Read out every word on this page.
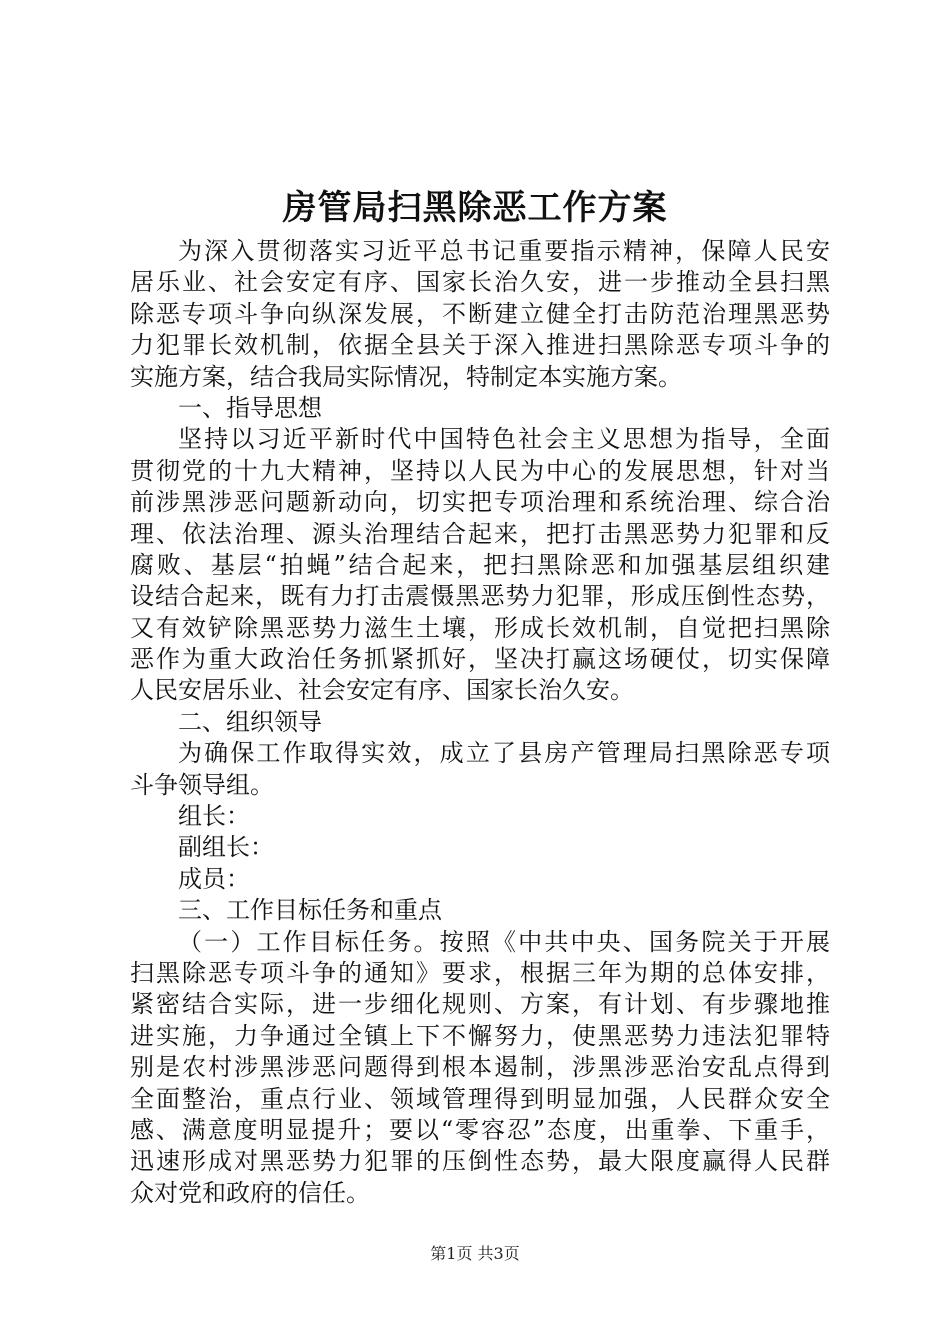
房管局扫黑除恶工作方案
为深入贯彻落实习近平总书记重要指示精神，保障人民安
居乐业、社会安定有序、国家长治久安，进一步推动全县扫黑
除恶专项斗争向纵深发展，不断建立健全打击防范治理黑恶势
力犯罪长效机制，依据全县关于深入推进扫黑除恶专项斗争的
实施方案，结合我局实际情况，特制定本实施方案。
一、指导思想
坚持以习近平新时代中国特色社会主义思想为指导，全面
贯彻党的十九大精神，坚持以人民为中心的发展思想，针对当
前涉黑涉恶问题新动向，切实把专项治理和系统治理、综合治
理、依法治理、源头治理结合起来，把打击黑恶势力犯罪和反
腐败、基层“拍蝇”结合起来，把扫黑除恶和加强基层组织建
设结合起来，既有力打击震慑黑恶势力犯罪，形成压倒性态势，
又有效铲除黑恶势力滋生土壤，形成长效机制，自觉把扫黑除
恶作为重大政治任务抓紧抓好，坚决打赢这场硬仗，切实保障
人民安居乐业、社会安定有序、国家长治久安。
二、组织领导
为确保工作取得实效，成立了县房产管理局扫黑除恶专项
斗争领导组。
组长：
副组长：
成员：
三、工作目标任务和重点
（一）工作目标任务。按照《中共中央、国务院关于开展
扫黑除恶专项斗争的通知》要求，根据三年为期的总体安排，
紧密结合实际，进一步细化规则、方案，有计划、有步骤地推
进实施，力争通过全镇上下不懈努力，使黑恶势力违法犯罪特
别是农村涉黑涉恶问题得到根本遏制，涉黑涉恶治安乱点得到
全面整治，重点行业、领域管理得到明显加强，人民群众安全
感、满意度明显提升；要以“零容忍”态度，出重拳、下重手，
迅速形成对黑恶势力犯罪的压倒性态势，最大限度赢得人民群
众对党和政府的信任。
第1页 共3页
